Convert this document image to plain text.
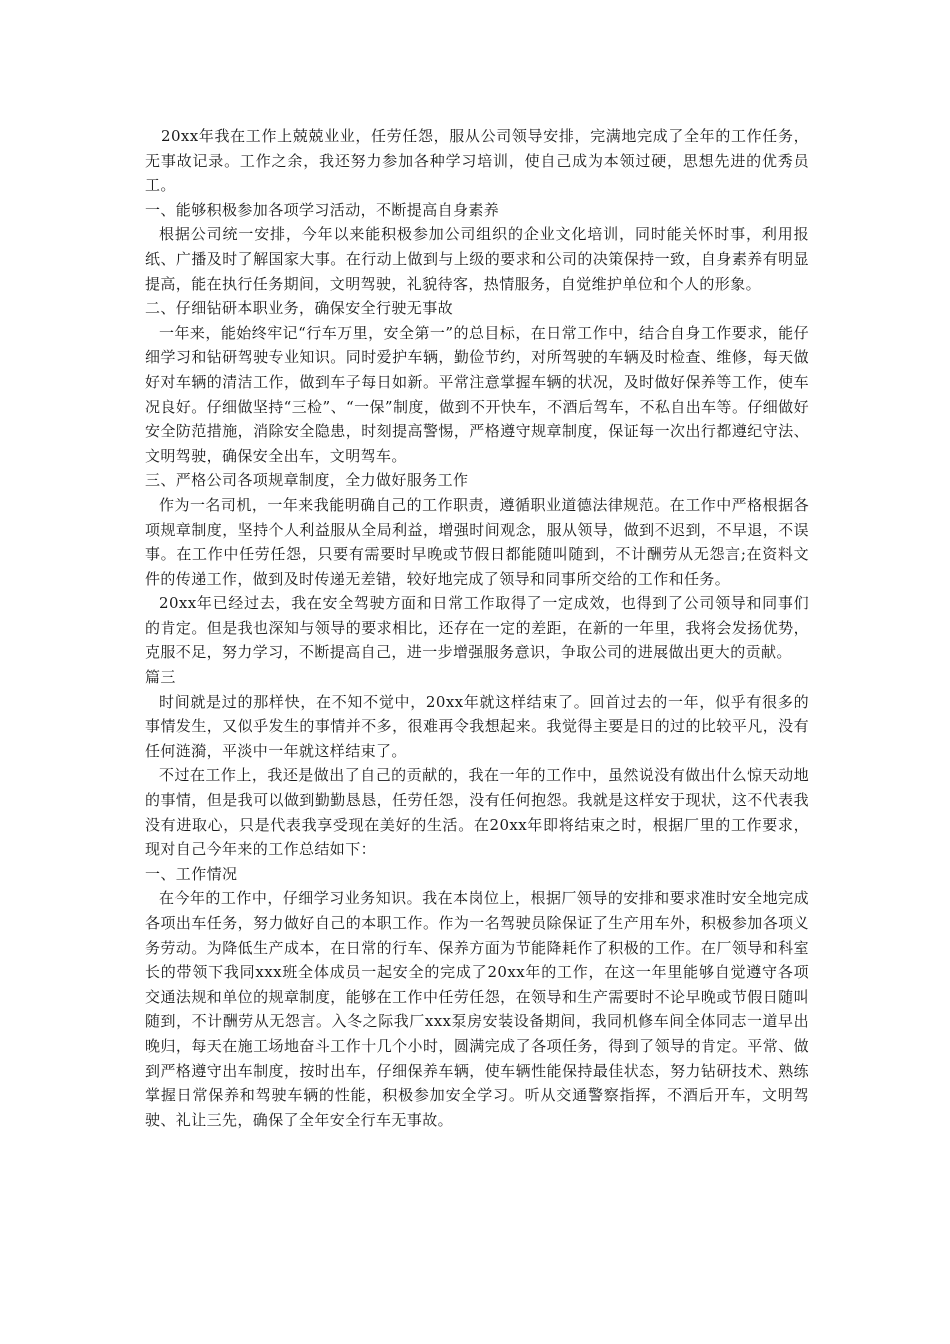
20xx年我在工作上兢兢业业，任劳任怨，服从公司领导安排，完满地完成了全年的工作任务，无事故记录。工作之余，我还努力参加各种学习培训，使自己成为本领过硬，思想先进的优秀员工。

一、能够积极参加各项学习活动，不断提高自身素养

根据公司统一安排，今年以来能积极参加公司组织的企业文化培训，同时能关怀时事，利用报纸、广播及时了解国家大事。在行动上做到与上级的要求和公司的决策保持一致，自身素养有明显提高，能在执行任务期间，文明驾驶，礼貌待客，热情服务，自觉维护单位和个人的形象。

二、仔细钻研本职业务，确保安全行驶无事故

一年来，能始终牢记“行车万里，安全第一”的总目标，在日常工作中，结合自身工作要求，能仔细学习和钻研驾驶专业知识。同时爱护车辆，勤俭节约，对所驾驶的车辆及时检查、维修，每天做好对车辆的清洁工作，做到车子每日如新。平常注意掌握车辆的状况，及时做好保养等工作，使车况良好。仔细做坚持“三检”、“一保”制度，做到不开快车，不酒后驾车，不私自出车等。仔细做好安全防范措施，消除安全隐患，时刻提高警惕，严格遵守规章制度，保证每一次出行都遵纪守法、文明驾驶，确保安全出车，文明驾车。

三、严格公司各项规章制度，全力做好服务工作

作为一名司机，一年来我能明确自己的工作职责，遵循职业道德法律规范。在工作中严格根据各项规章制度，坚持个人利益服从全局利益，增强时间观念，服从领导，做到不迟到，不早退，不误事。在工作中任劳任怨，只要有需要时早晚或节假日都能随叫随到，不计酬劳从无怨言;在资料文件的传递工作，做到及时传递无差错，较好地完成了领导和同事所交给的工作和任务。

20xx年已经过去，我在安全驾驶方面和日常工作取得了一定成效，也得到了公司领导和同事们的肯定。但是我也深知与领导的要求相比，还存在一定的差距，在新的一年里，我将会发扬优势，克服不足，努力学习，不断提高自己，进一步增强服务意识，争取公司的进展做出更大的贡献。

篇三

时间就是过的那样快，在不知不觉中，20xx年就这样结束了。回首过去的一年，似乎有很多的事情发生，又似乎发生的事情并不多，很难再令我想起来。我觉得主要是日的过的比较平凡，没有任何涟漪，平淡中一年就这样结束了。

不过在工作上，我还是做出了自己的贡献的，我在一年的工作中，虽然说没有做出什么惊天动地的事情，但是我可以做到勤勤恳恳，任劳任怨，没有任何抱怨。我就是这样安于现状，这不代表我没有进取心，只是代表我享受现在美好的生活。在20xx年即将结束之时，根据厂里的工作要求，现对自己今年来的工作总结如下：

一、工作情况

在今年的工作中，仔细学习业务知识。我在本岗位上，根据厂领导的安排和要求准时安全地完成各项出车任务，努力做好自己的本职工作。作为一名驾驶员除保证了生产用车外，积极参加各项义务劳动。为降低生产成本，在日常的行车、保养方面为节能降耗作了积极的工作。在厂领导和科室长的带领下我同xxx班全体成员一起安全的完成了20xx年的工作，在这一年里能够自觉遵守各项交通法规和单位的规章制度，能够在工作中任劳任怨，在领导和生产需要时不论早晚或节假日随叫随到，不计酬劳从无怨言。入冬之际我厂xxx泵房安装设备期间，我同机修车间全体同志一道早出晚归，每天在施工场地奋斗工作十几个小时，圆满完成了各项任务，得到了领导的肯定。平常、做到严格遵守出车制度，按时出车，仔细保养车辆，使车辆性能保持最佳状态，努力钻研技术、熟练掌握日常保养和驾驶车辆的性能，积极参加安全学习。听从交通警察指挥，不酒后开车，文明驾驶、礼让三先，确保了全年安全行车无事故。
